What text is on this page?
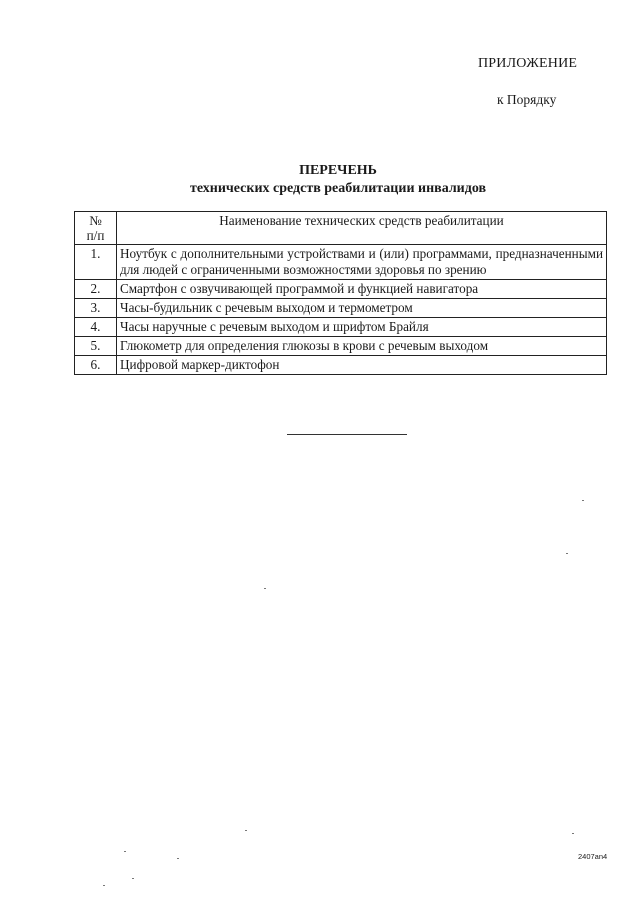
ПРИЛОЖЕНИЕ
к Порядку
ПЕРЕЧЕНЬ
технических средств реабилитации инвалидов
№
п/п	Наименование технических средств реабилитации
1.	Ноутбук с дополнительными устройствами и (или) программами, предназначенными для людей с ограниченными возможностями здоровья по зрению
2.	Смартфон с озвучивающей программой и функцией навигатора
3.	Часы-будильник с речевым выходом и термометром
4.	Часы наручные с речевым выходом и шрифтом Брайля
5.	Глюкометр для определения глюкозы в крови с речевым выходом
6.	Цифровой маркер-диктофон
2407an4
